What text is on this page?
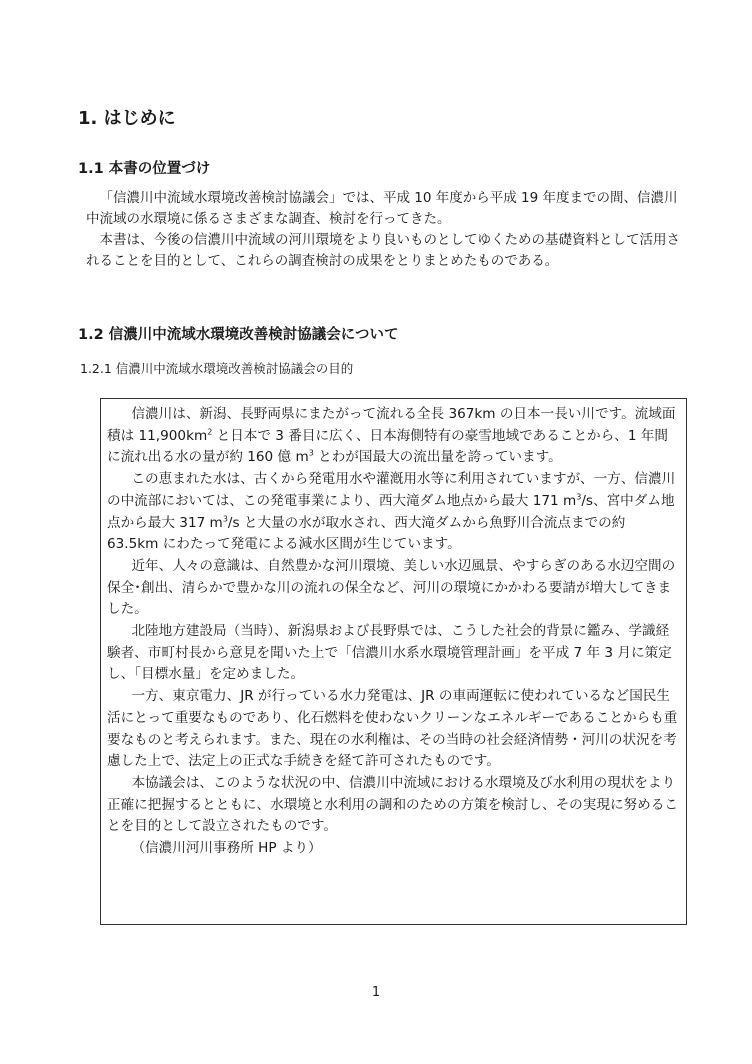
1. はじめに
1.1 本書の位置づけ

「信濃川中流域水環境改善検討協議会」では、平成 10 年度から平成 19 年度までの間、信濃川中流域の水環境に係るさまざまな調査、検討を行ってきた。

本書は、今後の信濃川中流域の河川環境をより良いものとしてゆくための基礎資料として活用されることを目的として、これらの調査検討の成果をとりまとめたものである。

1.2 信濃川中流域水環境改善検討協議会について

1.2.1 信濃川中流域水環境改善検討協議会の目的

信濃川は、新潟、長野両県にまたがって流れる全長 367km の日本一長い川です。流域面積は $11,900km^2$ と日本で 3 番目に広く、日本海側特有の豪雪地域であることから、1 年間に流れ出る水の量が約 160 億 $m^3$ とわが国最大の流出量を誇っています。

この恵まれた水は、古くから発電用水や灌漑用水等に利用されていますが、一方、信濃川の中流部においては、この発電事業により、西大滝ダム地点から最大 171 $m^3/s$、宮中ダム地点から最大 317 $m^3/s$ と大量の水が取水され、西大滝ダムから魚野川合流点までの約 63.5km にわたって発電による減水区間が生じています。

近年、人々の意識は、自然豊かな河川環境、美しい水辺風景、やすらぎのある水辺空間の保全･創出、清らかで豊かな川の流れの保全など、河川の環境にかかわる要請が増大してきました。

北陸地方建設局（当時）、新潟県および長野県では、こうした社会的背景に鑑み、学識経験者、市町村長から意見を聞いた上で「信濃川水系水環境管理計画」を平成 7 年 3 月に策定し、「目標水量」を定めました。

一方、東京電力、JR が行っている水力発電は、JR の車両運転に使われているなど国民生活にとって重要なものであり、化石燃料を使わないクリーンなエネルギーであることからも重要なものと考えられます。また、現在の水利権は、その当時の社会経済情勢・河川の状況を考慮した上で、法定上の正式な手続きを経て許可されたものです。

本協議会は、このような状況の中、信濃川中流域における水環境及び水利用の現状をより正確に把握するとともに、水環境と水利用の調和のための方策を検討し、その実現に努めることを目的として設立されたものです。

（信濃川河川事務所 HP より）

1
